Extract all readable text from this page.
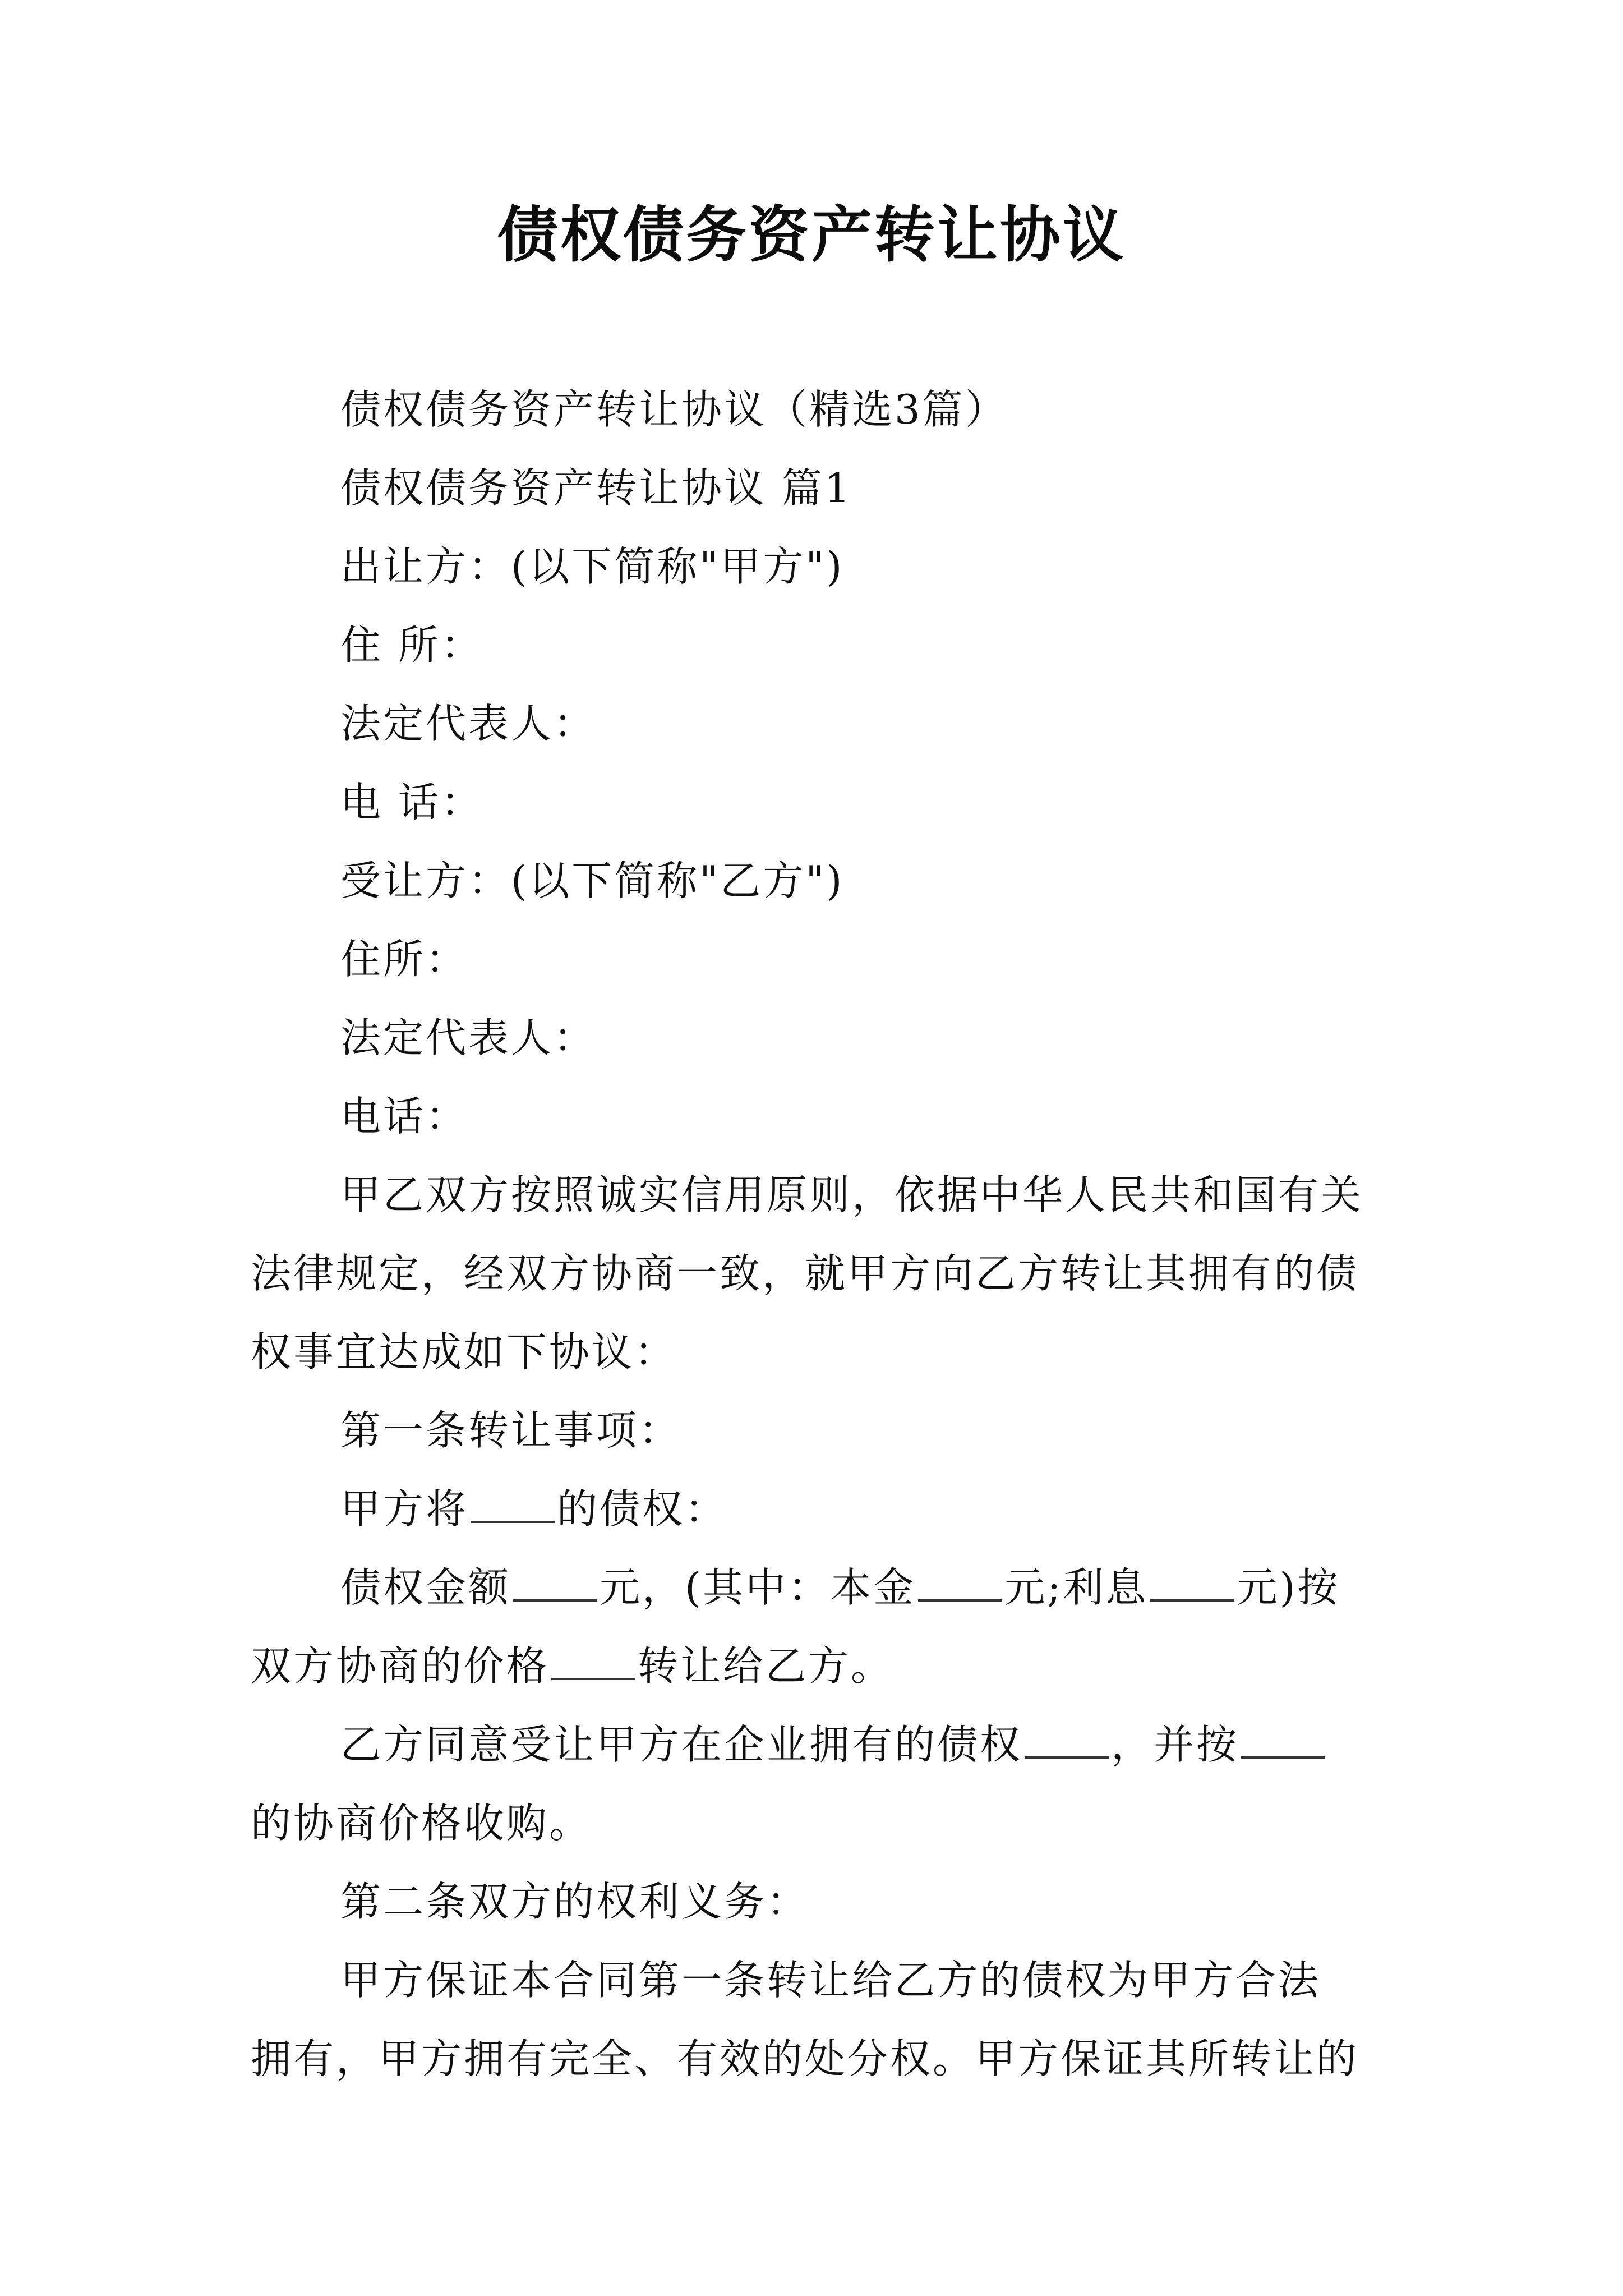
债权债务资产转让协议
债权债务资产转让协议（精选3篇）
债权债务资产转让协议 篇1
出让方：(以下简称"甲方")
住 所：
法定代表人：
电 话：
受让方：(以下简称"乙方")
住所：
法定代表人：
电话：
甲乙双方按照诚实信用原则，依据中华人民共和国有关
法律规定，经双方协商一致，就甲方向乙方转让其拥有的债
权事宜达成如下协议：
第一条转让事项：
甲方将 的债权：
债权金额 元，(其中：本金 元;利息 元)按
双方协商的价格 转让给乙方。
乙方同意受让甲方在企业拥有的债权 ，并按
的协商价格收购。
第二条双方的权利义务：
甲方保证本合同第一条转让给乙方的债权为甲方合法
拥有，甲方拥有完全、有效的处分权。甲方保证其所转让的
